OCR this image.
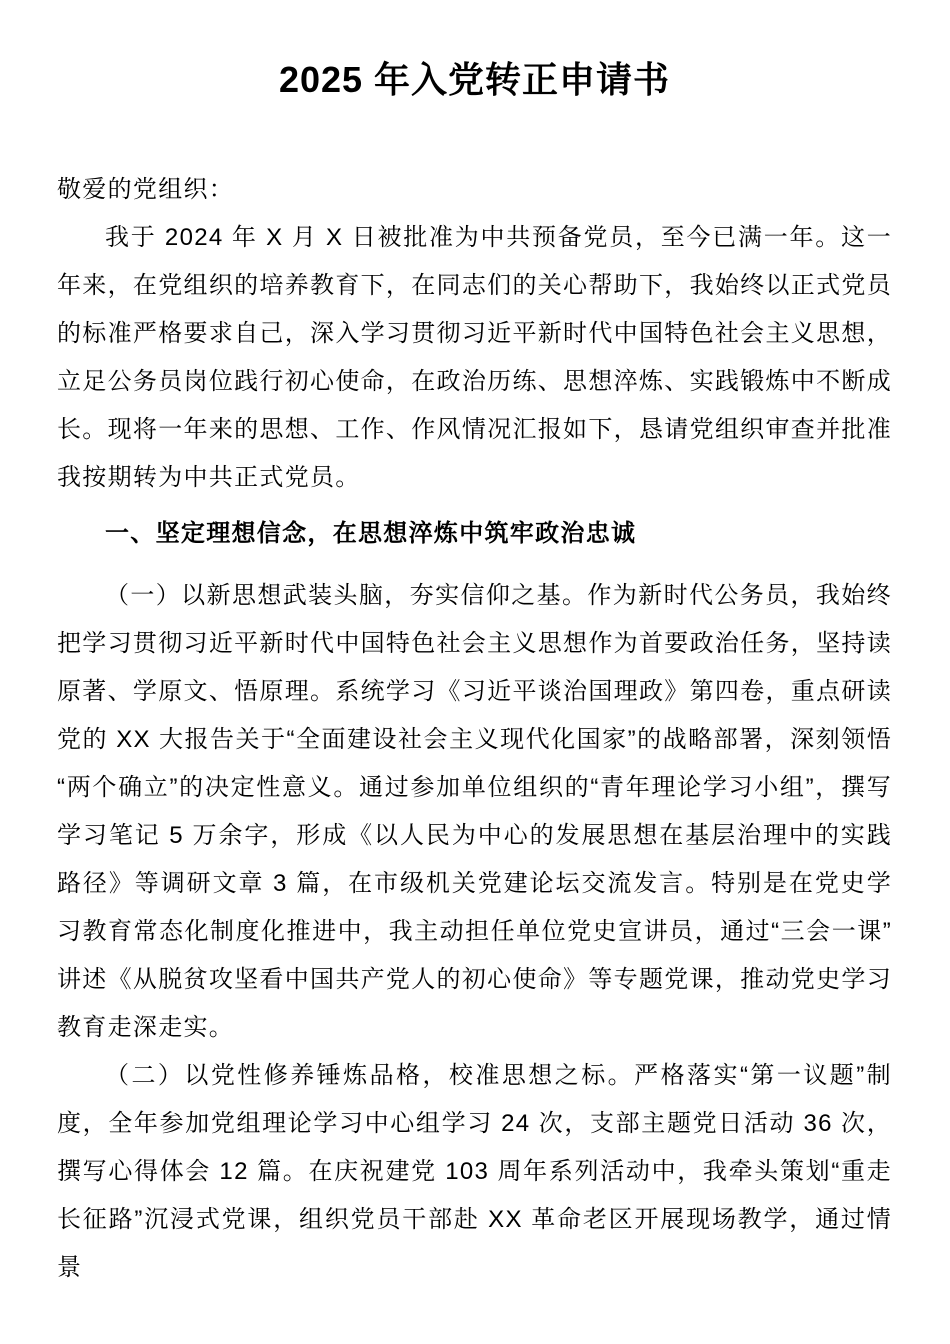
2025 年入党转正申请书

敬爱的党组织：

我于 2024 年 X 月 X 日被批准为中共预备党员，至今已满一年。这一年来，在党组织的培养教育下，在同志们的关心帮助下，我始终以正式党员的标准严格要求自己，深入学习贯彻习近平新时代中国特色社会主义思想，立足公务员岗位践行初心使命，在政治历练、思想淬炼、实践锻炼中不断成长。现将一年来的思想、工作、作风情况汇报如下，恳请党组织审查并批准我按期转为中共正式党员。

一、坚定理想信念，在思想淬炼中筑牢政治忠诚

（一）以新思想武装头脑，夯实信仰之基。作为新时代公务员，我始终把学习贯彻习近平新时代中国特色社会主义思想作为首要政治任务，坚持读原著、学原文、悟原理。系统学习《习近平谈治国理政》第四卷，重点研读党的 XX 大报告关于“全面建设社会主义现代化国家”的战略部署，深刻领悟“两个确立”的决定性意义。通过参加单位组织的“青年理论学习小组”，撰写学习笔记 5 万余字，形成《以人民为中心的发展思想在基层治理中的实践路径》等调研文章 3 篇，在市级机关党建论坛交流发言。特别是在党史学习教育常态化制度化推进中，我主动担任单位党史宣讲员，通过“三会一课”讲述《从脱贫攻坚看中国共产党人的初心使命》等专题党课，推动党史学习教育走深走实。

（二）以党性修养锤炼品格，校准思想之标。严格落实“第一议题”制度，全年参加党组理论学习中心组学习 24 次，支部主题党日活动 36 次，撰写心得体会 12 篇。在庆祝建党 103 周年系列活动中，我牵头策划“重走长征路”沉浸式党课，组织党员干部赴 XX 革命老区开展现场教学，通过情景
